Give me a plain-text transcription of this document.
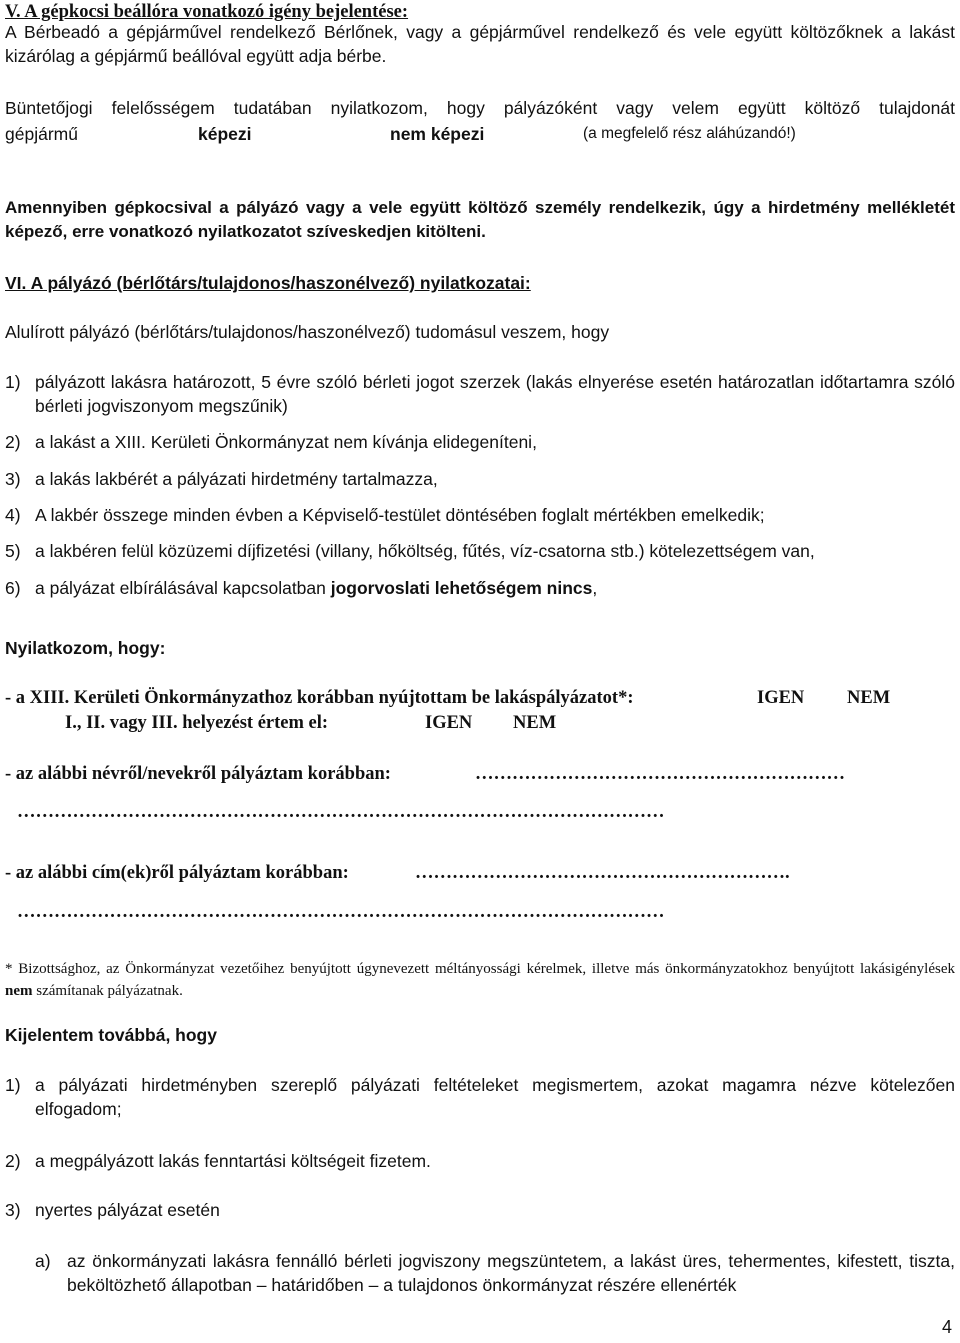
V. A gépkocsi beállóra vonatkozó igény bejelentése:

A Bérbeadó a gépjárművel rendelkező Bérlőnek, vagy a gépjárművel rendelkező és vele együtt költözőknek a lakást kizárólag a gépjármű beállóval együtt adja bérbe.

Büntetőjogi felelősségem tudatában nyilatkozom, hogy pályázóként vagy velem együtt költöző tulajdonát

gépjármű	képezi	nem képezi	(a megfelelő rész aláhúzandó!)

Amennyiben gépkocsival a pályázó vagy a vele együtt költöző személy rendelkezik, úgy a hirdetmény mellékletét képező, erre vonatkozó nyilatkozatot szíveskedjen kitölteni.

VI. A pályázó (bérlőtárs/tulajdonos/haszonélvező) nyilatkozatai:

Alulírott pályázó (bérlőtárs/tulajdonos/haszonélvező) tudomásul veszem, hogy

1) pályázott lakásra határozott, 5 évre szóló bérleti jogot szerzek (lakás elnyerése esetén határozatlan időtartamra szóló bérleti jogviszonyom megszűnik)
2) a lakást a XIII. Kerületi Önkormányzat nem kívánja elidegeníteni,
3) a lakás lakbérét a pályázati hirdetmény tartalmazza,
4) A lakbér összege minden évben a Képviselő-testület döntésében foglalt mértékben emelkedik;
5) a lakbéren felül közüzemi díjfizetési (villany, hőköltség, fűtés, víz-csatorna stb.) kötelezettségem van,
6) a pályázat elbírálásával kapcsolatban jogorvoslati lehetőségem nincs,

Nyilatkozom, hogy:

- a XIII. Kerületi Önkormányzathoz korábban nyújtottam be lakáspályázatot*:	IGEN NEM
I., II. vagy III. helyezést értem el:	IGEN NEM
- az alábbi névről/nevekről pályáztam korábban:	……………………………………………………
……………………………………………………………………………………………
- az alábbi cím(ek)ről pályáztam korábban:	…………………………………………………….
……………………………………………………………………………………………

* Bizottsághoz, az Önkormányzat vezetőihez benyújtott úgynevezett méltányossági kérelmek, illetve más önkormányzatokhoz benyújtott lakásigénylések nem számítanak pályázatnak.

Kijelentem továbbá, hogy

1) a pályázati hirdetményben szereplő pályázati feltételeket megismertem, azokat magamra nézve kötelezően elfogadom;
2) a megpályázott lakás fenntartási költségeit fizetem.
3) nyertes pályázat esetén
a) az önkormányzati lakásra fennálló bérleti jogviszony megszüntetem, a lakást üres, tehermentes, kifestett, tiszta, beköltözhető állapotban – határidőben – a tulajdonos önkormányzat részére ellenérték
4
